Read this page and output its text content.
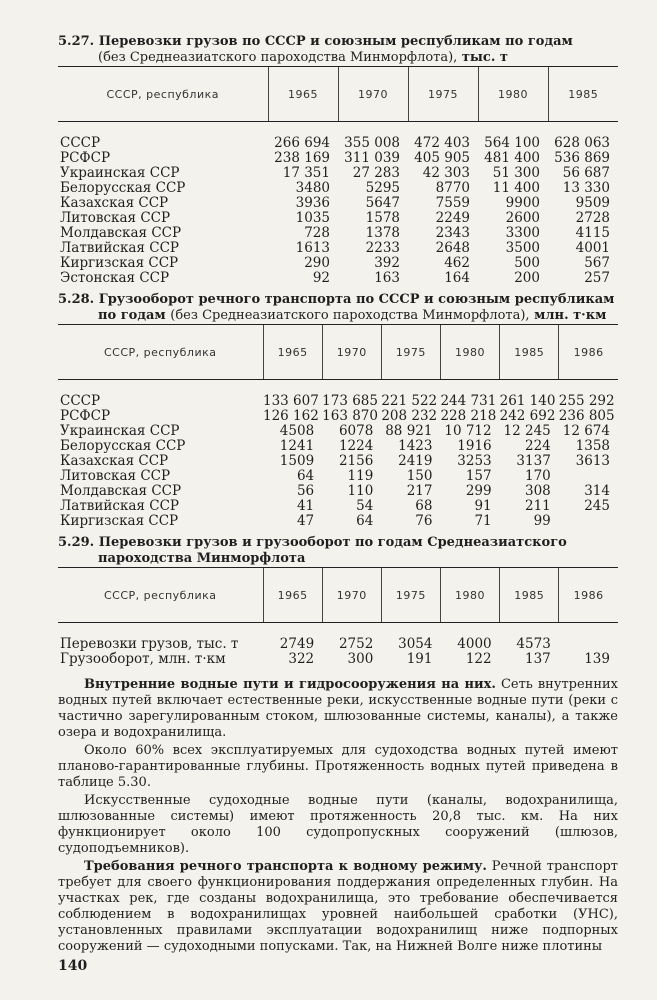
5.27. Перевозки грузов по СССР и союзным республикам по годам
(без Среднеазиатского пароходства Минморфлота), тыс. т
СССР, республика	1965	1970	1975	1980	1985
СССР	266 694	355 008	472 403	564 100	628 063
РСФСР	238 169	311 039	405 905	481 400	536 869
Украинская ССР	17 351	27 283	42 303	51 300	56 687
Белорусская ССР	3480	5295	8770	11 400	13 330
Казахская ССР	3936	5647	7559	9900	9509
Литовская ССР	1035	1578	2249	2600	2728
Молдавская ССР	728	1378	2343	3300	4115
Латвийская ССР	1613	2233	2648	3500	4001
Киргизская ССР	290	392	462	500	567
Эстонская ССР	92	163	164	200	257
5.28. Грузооборот речного транспорта по СССР и союзным республикам
по годам (без Среднеазиатского пароходства Минморфлота), млн. т·км
СССР, республика	1965	1970	1975	1980	1985	1986
СССР	133 607	173 685	221 522	244 731	261 140	255 292
РСФСР	126 162	163 870	208 232	228 218	242 692	236 805
Украинская ССР	4508	6078	88 921	10 712	12 245	12 674
Белорусская ССР	1241	1224	1423	1916	224	1358
Казахская ССР	1509	2156	2419	3253	3137	3613
Литовская ССР	64	119	150	157	170	
Молдавская ССР	56	110	217	299	308	314
Латвийская ССР	41	54	68	91	211	245
Киргизская ССР	47	64	76	71	99	
5.29. Перевозки грузов и грузооборот по годам Среднеазиатского
пароходства Минморфлота
СССР, республика	1965	1970	1975	1980	1985	1986
Перевозки грузов, тыс. т	2749	2752	3054	4000	4573	
Грузооборот, млн. т·км	322	300	191	122	137	139

Внутренние водные пути и гидросооружения на них. Сеть внутренних водных путей включает естественные реки, искусственные водные пути (реки с частично зарегулированным стоком, шлюзованные системы, каналы), а также озера и водохранилища.

Около 60% всех эксплуатируемых для судоходства водных путей имеют планово-гарантированные глубины. Протяженность водных путей приведена в таблице 5.30.

Искусственные судоходные водные пути (каналы, водохранилища, шлюзованные системы) имеют протяженность 20,8 тыс. км. На них функционирует около 100 судопропускных сооружений (шлюзов, судоподъемников).

Требования речного транспорта к водному режиму. Речной транспорт требует для своего функционирования поддержания определенных глубин. На участках рек, где созданы водохранилища, это требование обеспечивается соблюдением в водохранилищах уровней наибольшей сработки (УНС), установленных правилами эксплуатации водохранилищ ниже подпорных сооружений — судоходными попусками. Так, на Нижней Волге ниже плотины

140
